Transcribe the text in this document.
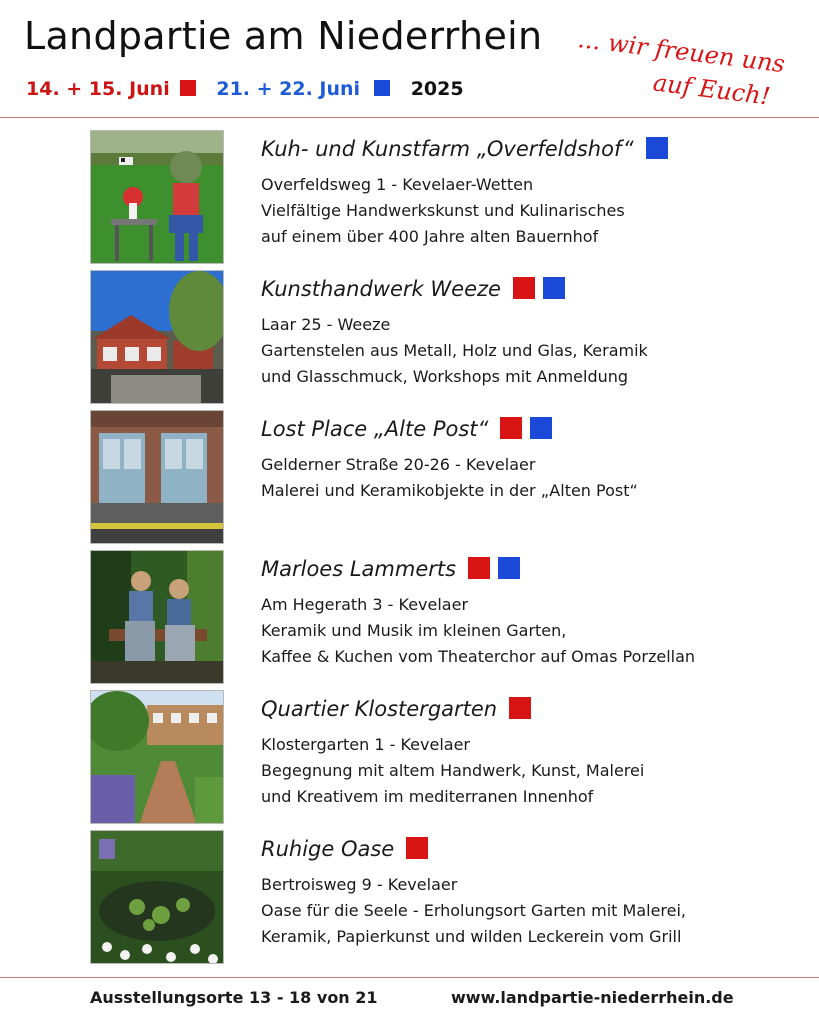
Landpartie am Niederrhein
14. + 15. Juni 21. + 22. Juni	2025
... wir freuen uns
auf Euch!
Kuh- und Kunstfarm „Overfeldshof“
Overfeldsweg 1 - Kevelaer-Wetten
Vielfältige Handwerkskunst und Kulinarisches
auf einem über 400 Jahre alten Bauernhof
Kunsthandwerk Weeze
Laar 25 - Weeze
Gartenstelen aus Metall, Holz und Glas, Keramik
und Glasschmuck, Workshops mit Anmeldung
Lost Place „Alte Post“
Gelderner Straße 20-26 - Kevelaer
Malerei und Keramikobjekte in der „Alten Post“
Marloes Lammerts
Am Hegerath 3 - Kevelaer
Keramik und Musik im kleinen Garten,
Kaffee & Kuchen vom Theaterchor auf Omas Porzellan
Quartier Klostergarten
Klostergarten 1 - Kevelaer
Begegnung mit altem Handwerk, Kunst, Malerei
und Kreativem im mediterranen Innenhof
Ruhige Oase
Bertroisweg 9 - Kevelaer
Oase für die Seele - Erholungsort Garten mit Malerei,
Keramik, Papierkunst und wilden Leckerein vom Grill
Ausstellungsorte 13 - 18 von 21	www.landpartie-niederrhein.de
